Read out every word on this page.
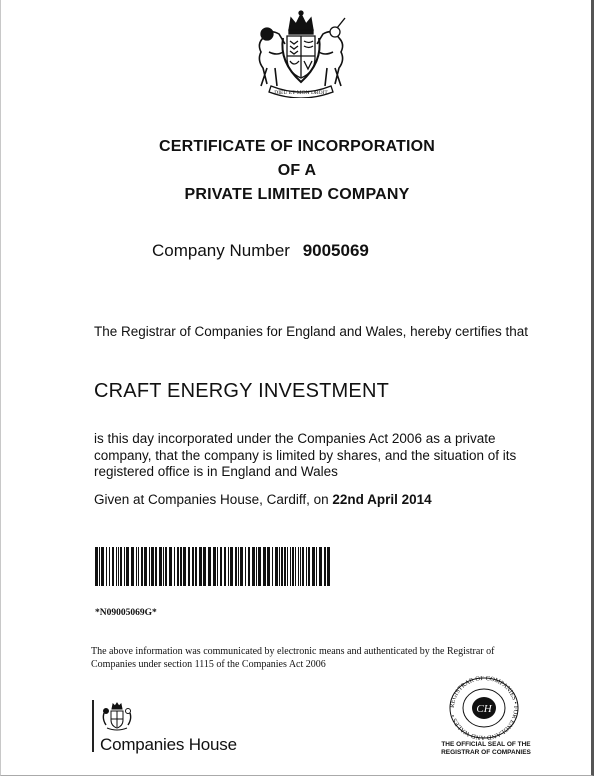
DIEU ET MON DROIT
CERTIFICATE OF INCORPORATION
OF A
PRIVATE LIMITED COMPANY
Company Number 9005069
The Registrar of Companies for England and Wales, hereby certifies that
CRAFT ENERGY INVESTMENT
is this day incorporated under the Companies Act 2006 as a private company, that the company is limited by shares, and the situation of its registered office is in England and Wales
Given at Companies House, Cardiff, on 22nd April 2014
*N09005069G*
The above information was communicated by electronic means and authenticated by the Registrar of Companies under section 1115 of the Companies Act 2006
Companies House
REGISTRAR OF COMPANIES • FOR ENGLAND AND WALES •
CH
THE OFFICIAL SEAL OF THE
REGISTRAR OF COMPANIES
